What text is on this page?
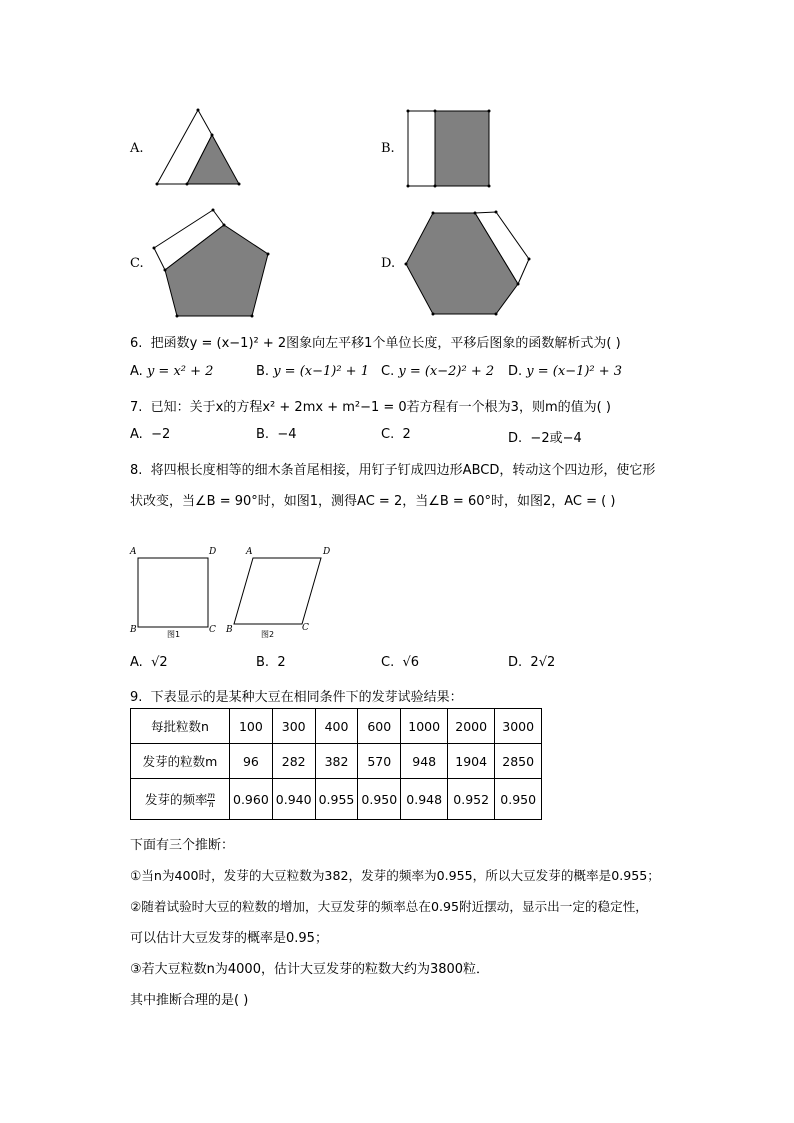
A.	B.
C.	D.
6. 把函数y = (x−1)² + 2图象向左平移1个单位长度，平移后图象的函数解析式为( )
A. y = x² + 2	B. y = (x−1)² + 1 C. y = (x−2)² + 2 D. y = (x−1)² + 3
7. 已知：关于x的方程x² + 2mx + m²−1 = 0若方程有一个根为3，则m的值为( )
A. −2	B. −4	C. 2	D. −2或−4
8. 将四根长度相等的细木条首尾相接，用钉子钉成四边形ABCD，转动这个四边形，使它形
状改变，当∠B = 90°时，如图1，测得AC = 2，当∠B = 60°时，如图2，AC = ( )
A	D
B	C
图1
A	D
B	C
图2
A. √2	B. 2	C. √6	D. 2√2
9. 下表显示的是某种大豆在相同条件下的发芽试验结果：
每批粒数n	100	300	400	600	1000	2000	3000
发芽的粒数m	96	282	382	570	948	1904	2850
发芽的频率 $\frac{m}{n}$	0.960	0.940	0.955	0.950	0.948	0.952	0.950
下面有三个推断：
①当n为400时，发芽的大豆粒数为382，发芽的频率为0.955，所以大豆发芽的概率是0.955；
②随着试验时大豆的粒数的增加，大豆发芽的频率总在0.95附近摆动，显示出一定的稳定性，
可以估计大豆发芽的概率是0.95；
③若大豆粒数n为4000，估计大豆发芽的粒数大约为3800粒．
其中推断合理的是( )
